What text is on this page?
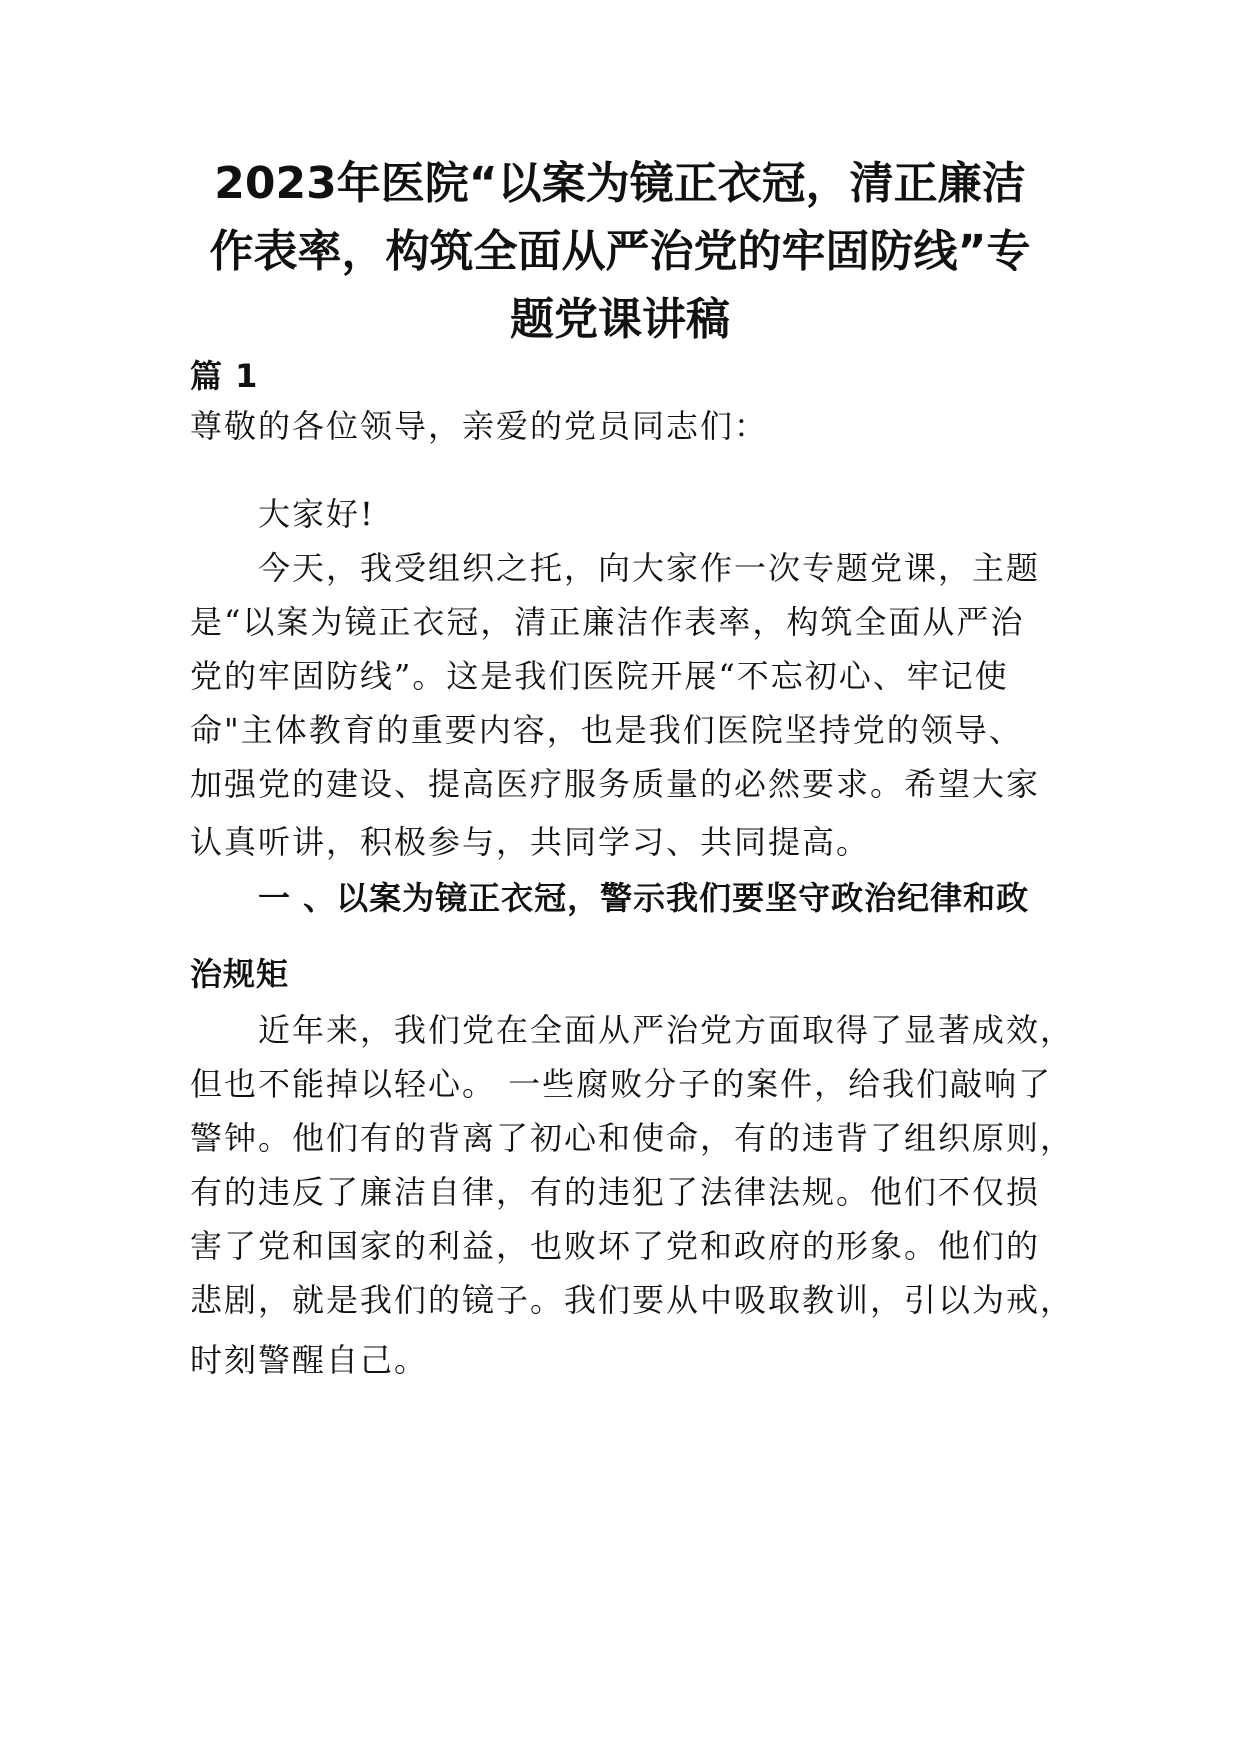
2023年医院“以案为镜正衣冠，清正廉洁
作表率，构筑全面从严治党的牢固防线”专
题党课讲稿
篇 1
尊敬的各位领导，亲爱的党员同志们：
大家好!
今天，我受组织之托，向大家作一次专题党课，主题
是“以案为镜正衣冠，清正廉洁作表率，构筑全面从严治
党的牢固防线”。这是我们医院开展“不忘初心、牢记使
命"主体教育的重要内容，也是我们医院坚持党的领导、
加强党的建设、提高医疗服务质量的必然要求。希望大家
认真听讲，积极参与，共同学习、共同提高。
一 、以案为镜正衣冠，警示我们要坚守政治纪律和政
治规矩
近年来，我们党在全面从严治党方面取得了显著成效，
但也不能掉以轻心。 一些腐败分子的案件，给我们敲响了
警钟。他们有的背离了初心和使命，有的违背了组织原则，
有的违反了廉洁自律，有的违犯了法律法规。他们不仅损
害了党和国家的利益，也败坏了党和政府的形象。他们的
悲剧，就是我们的镜子。我们要从中吸取教训，引以为戒，
时刻警醒自己。
